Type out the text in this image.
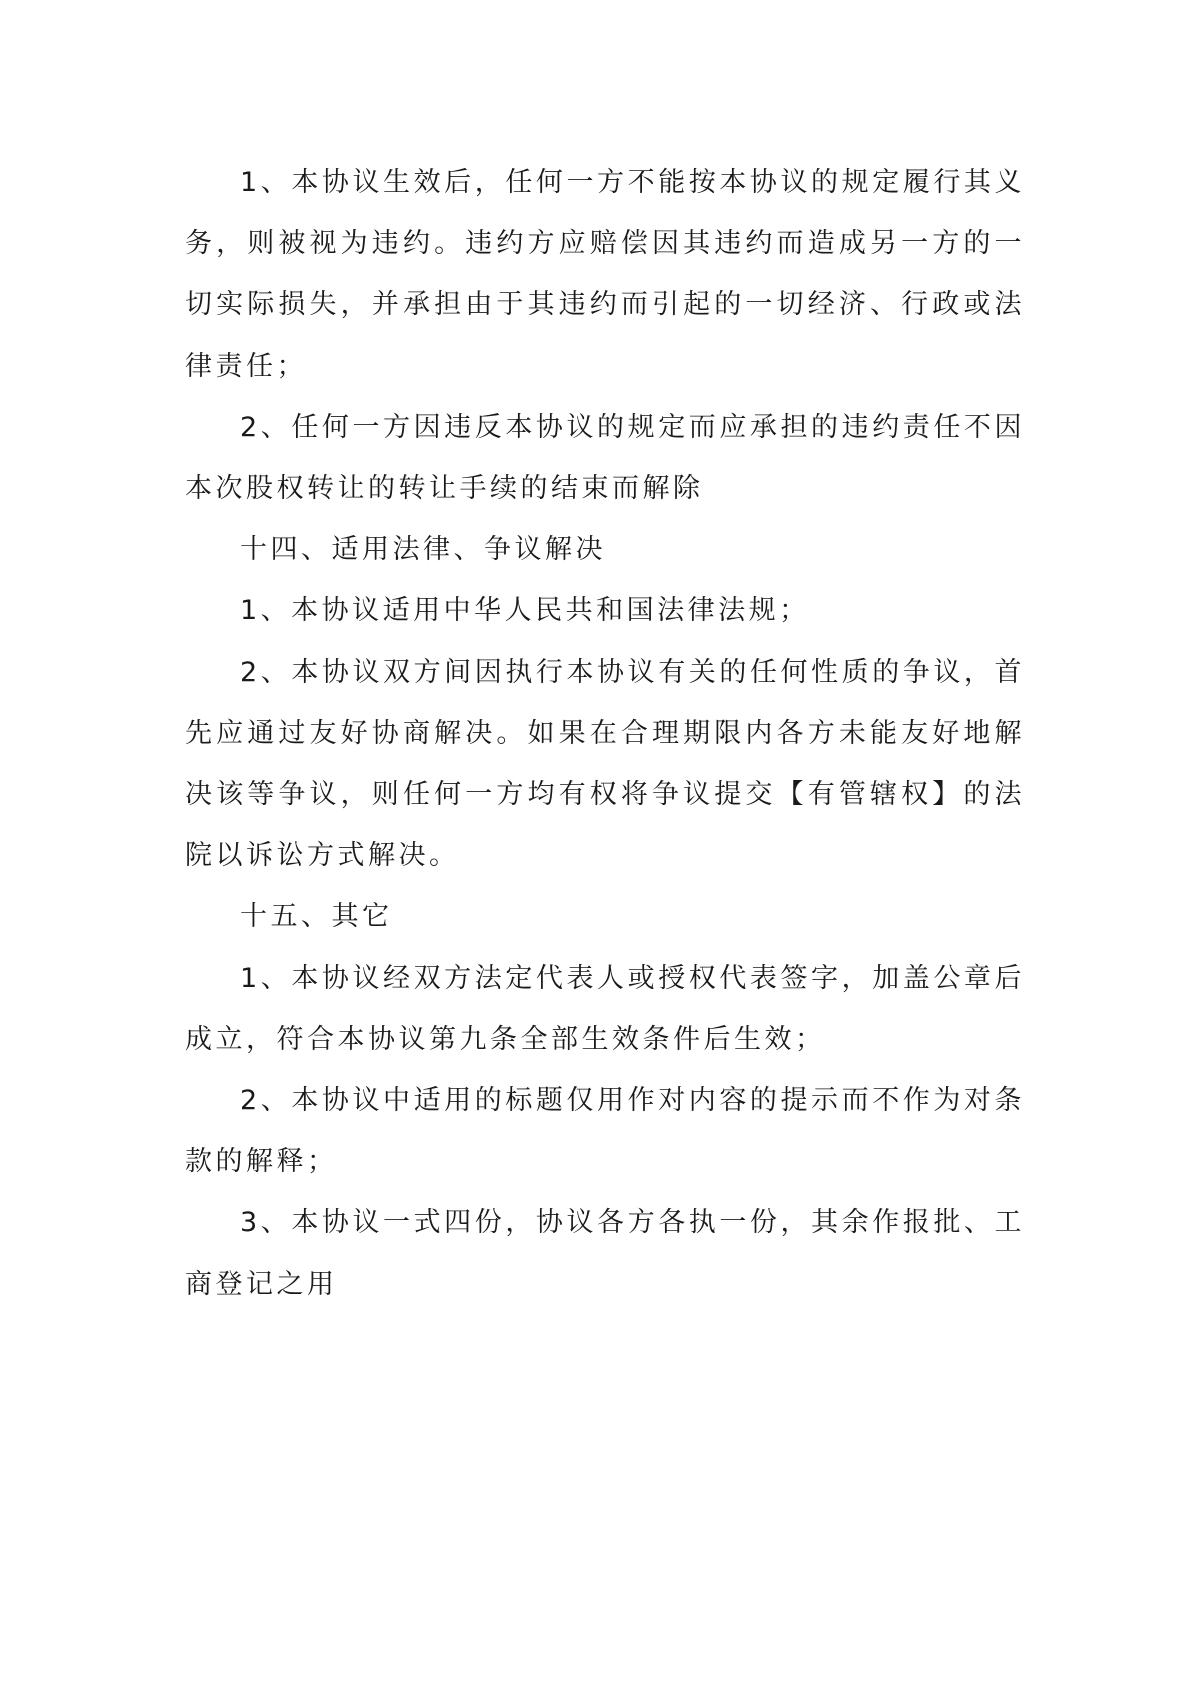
1、本协议生效后，任何一方不能按本协议的规定履行其义务，则被视为违约。违约方应赔偿因其违约而造成另一方的一切实际损失，并承担由于其违约而引起的一切经济、行政或法律责任；

2、任何一方因违反本协议的规定而应承担的违约责任不因本次股权转让的转让手续的结束而解除

十四、适用法律、争议解决

1、本协议适用中华人民共和国法律法规；

2、本协议双方间因执行本协议有关的任何性质的争议，首先应通过友好协商解决。如果在合理期限内各方未能友好地解决该等争议，则任何一方均有权将争议提交【有管辖权】的法院以诉讼方式解决。

十五、其它

1、本协议经双方法定代表人或授权代表签字，加盖公章后成立，符合本协议第九条全部生效条件后生效；

2、本协议中适用的标题仅用作对内容的提示而不作为对条款的解释；

3、本协议一式四份，协议各方各执一份，其余作报批、工商登记之用
